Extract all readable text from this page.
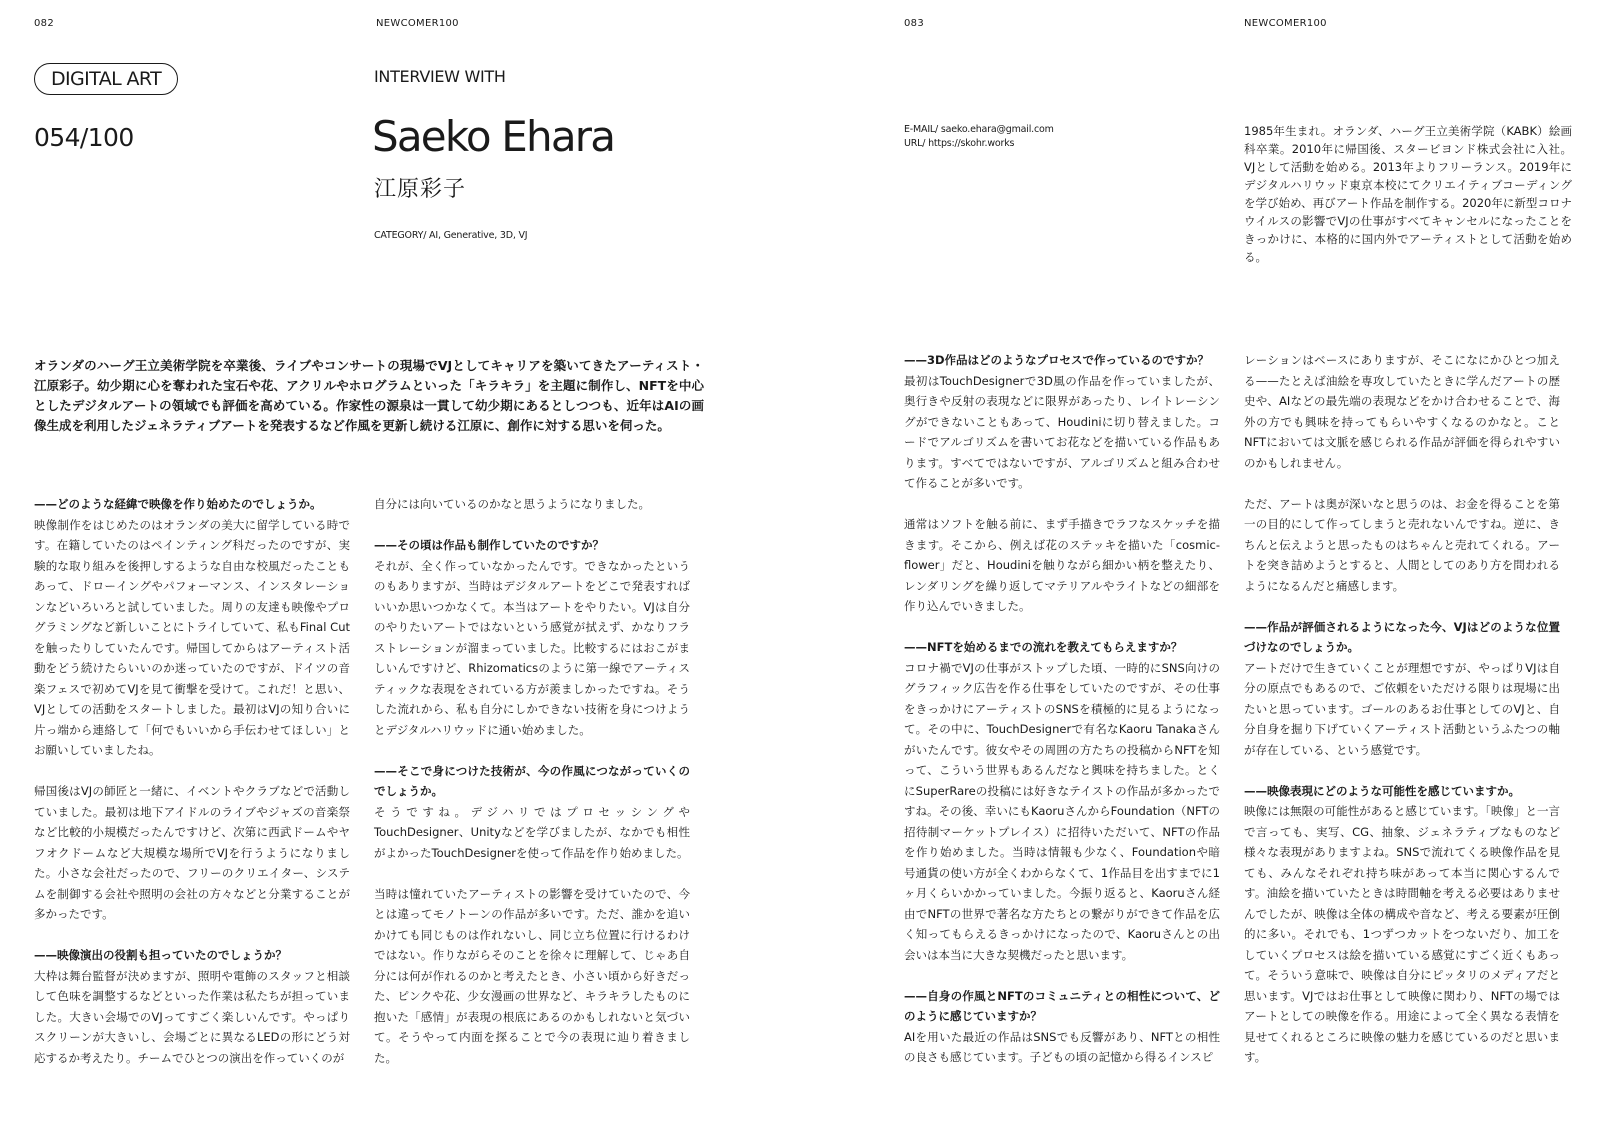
082	NEWCOMER100
DIGITAL ART
054/100
INTERVIEW WITH
Saeko Ehara
江原彩子
CATEGORY/ AI, Generative, 3D, VJ
オランダのハーグ王立美術学院を卒業後、ライブやコンサートの現場でVJとしてキャリアを築いてきたアーティスト・江原彩子。幼少期に心を奪われた宝石や花、アクリルやホログラムといった「キラキラ」を主題に制作し、NFTを中心としたデジタルアートの領域でも評価を高めている。作家性の源泉は一貫して幼少期にあるとしつつも、近年はAIの画像生成を利用したジェネラティブアートを発表するなど作風を更新し続ける江原に、創作に対する思いを伺った。
——どのような経緯で映像を作り始めたのでしょうか。

映像制作をはじめたのはオランダの美大に留学している時です。在籍していたのはペインティング科だったのですが、実験的な取り組みを後押しするような自由な校風だったこともあって、ドローイングやパフォーマンス、インスタレーションなどいろいろと試していました。周りの友達も映像やプログラミングなど新しいことにトライしていて、私もFinal Cutを触ったりしていたんです。帰国してからはアーティスト活動をどう続けたらいいのか迷っていたのですが、ドイツの音楽フェスで初めてVJを見て衝撃を受けて。これだ！と思い、VJとしての活動をスタートしました。最初はVJの知り合いに片っ端から連絡して「何でもいいから手伝わせてほしい」とお願いしていましたね。

帰国後はVJの師匠と一緒に、イベントやクラブなどで活動していました。最初は地下アイドルのライブやジャズの音楽祭など比較的小規模だったんですけど、次第に西武ドームやヤフオクドームなど大規模な場所でVJを行うようになりました。小さな会社だったので、フリーのクリエイター、システムを制御する会社や照明の会社の方々などと分業することが多かったです。

——映像演出の役割も担っていたのでしょうか？

大枠は舞台監督が決めますが、照明や電飾のスタッフと相談して色味を調整するなどといった作業は私たちが担っていました。大きい会場でのVJってすごく楽しいんです。やっぱりスクリーンが大きいし、会場ごとに異なるLEDの形にどう対応するか考えたり。チームでひとつの演出を作っていくのが

自分には向いているのかなと思うようになりました。

——その頃は作品も制作していたのですか？

それが、全く作っていなかったんです。できなかったというのもありますが、当時はデジタルアートをどこで発表すればいいか思いつかなくて。本当はアートをやりたい。VJは自分のやりたいアートではないという感覚が拭えず、かなりフラストレーションが溜まっていました。比較するにはおこがましいんですけど、Rhizomaticsのように第一線でアーティスティックな表現をされている方が羨ましかったですね。そうした流れから、私も自分にしかできない技術を身につけようとデジタルハリウッドに通い始めました。

——そこで身につけた技術が、今の作風につながっていくのでしょうか。

そうですね。デジハリではプロセッシングやTouchDesigner、Unityなどを学びましたが、なかでも相性がよかったTouchDesignerを使って作品を作り始めました。

当時は憧れていたアーティストの影響を受けていたので、今とは違ってモノトーンの作品が多いです。ただ、誰かを追いかけても同じものは作れないし、同じ立ち位置に行けるわけではない。作りながらそのことを徐々に理解して、じゃあ自分には何が作れるのかと考えたとき、小さい頃から好きだった、ピンクや花、少女漫画の世界など、キラキラしたものに抱いた「感情」が表現の根底にあるのかもしれないと気づいて。そうやって内面を探ることで今の表現に辿り着きました。

083	NEWCOMER100
E-MAIL/ saeko.ehara@gmail.com
URL/ https://skohr.works
1985年生まれ。オランダ、ハーグ王立美術学院（KABK）絵画科卒業。2010年に帰国後、スタービヨンド株式会社に入社。VJとして活動を始める。2013年よりフリーランス。2019年にデジタルハリウッド東京本校にてクリエイティブコーディングを学び始め、再びアート作品を制作する。2020年に新型コロナウイルスの影響でVJの仕事がすべてキャンセルになったことをきっかけに、本格的に国内外でアーティストとして活動を始める。
——3D作品はどのようなプロセスで作っているのですか？

最初はTouchDesignerで3D風の作品を作っていましたが、奥行きや反射の表現などに限界があったり、レイトレーシングができないこともあって、Houdiniに切り替えました。コードでアルゴリズムを書いてお花などを描いている作品もあります。すべてではないですが、アルゴリズムと組み合わせて作ることが多いです。

通常はソフトを触る前に、まず手描きでラフなスケッチを描きます。そこから、例えば花のステッキを描いた「cosmic-flower」だと、Houdiniを触りながら細かい柄を整えたり、レンダリングを繰り返してマテリアルやライトなどの細部を作り込んでいきました。

——NFTを始めるまでの流れを教えてもらえますか？

コロナ禍でVJの仕事がストップした頃、一時的にSNS向けのグラフィック広告を作る仕事をしていたのですが、その仕事をきっかけにアーティストのSNSを積極的に見るようになって。その中に、TouchDesignerで有名なKaoru Tanakaさんがいたんです。彼女やその周囲の方たちの投稿からNFTを知って、こういう世界もあるんだなと興味を持ちました。とくにSuperRareの投稿には好きなテイストの作品が多かったですね。その後、幸いにもKaoruさんからFoundation（NFTの招待制マーケットプレイス）に招待いただいて、NFTの作品を作り始めました。当時は情報も少なく、Foundationや暗号通貨の使い方が全くわからなくて、1作品目を出すまでに1ヶ月くらいかかっていました。今振り返ると、Kaoruさん経由でNFTの世界で著名な方たちとの繋がりができて作品を広く知ってもらえるきっかけになったので、Kaoruさんとの出会いは本当に大きな契機だったと思います。

——自身の作風とNFTのコミュニティとの相性について、どのように感じていますか？

AIを用いた最近の作品はSNSでも反響があり、NFTとの相性の良さも感じています。子どもの頃の記憶から得るインスピ

レーションはベースにありますが、そこになにかひとつ加える——たとえば油絵を専攻していたときに学んだアートの歴史や、AIなどの最先端の表現などをかけ合わせることで、海外の方でも興味を持ってもらいやすくなるのかなと。ことNFTにおいては文脈を感じられる作品が評価を得られやすいのかもしれません。

ただ、アートは奥が深いなと思うのは、お金を得ることを第一の目的にして作ってしまうと売れないんですね。逆に、きちんと伝えようと思ったものはちゃんと売れてくれる。アートを突き詰めようとすると、人間としてのあり方を問われるようになるんだと痛感します。

——作品が評価されるようになった今、VJはどのような位置づけなのでしょうか。

アートだけで生きていくことが理想ですが、やっぱりVJは自分の原点でもあるので、ご依頼をいただける限りは現場に出たいと思っています。ゴールのあるお仕事としてのVJと、自分自身を掘り下げていくアーティスト活動というふたつの軸が存在している、という感覚です。

——映像表現にどのような可能性を感じていますか。

映像には無限の可能性があると感じています。「映像」と一言で言っても、実写、CG、抽象、ジェネラティブなものなど様々な表現がありますよね。SNSで流れてくる映像作品を見ても、みんなそれぞれ持ち味があって本当に関心するんです。油絵を描いていたときは時間軸を考える必要はありませんでしたが、映像は全体の構成や音など、考える要素が圧倒的に多い。それでも、1つずつカットをつないだり、加工をしていくプロセスは絵を描いている感覚にすごく近くもあって。そういう意味で、映像は自分にピッタリのメディアだと思います。VJではお仕事として映像に関わり、NFTの場ではアートとしての映像を作る。用途によって全く異なる表情を見せてくれるところに映像の魅力を感じているのだと思います。
